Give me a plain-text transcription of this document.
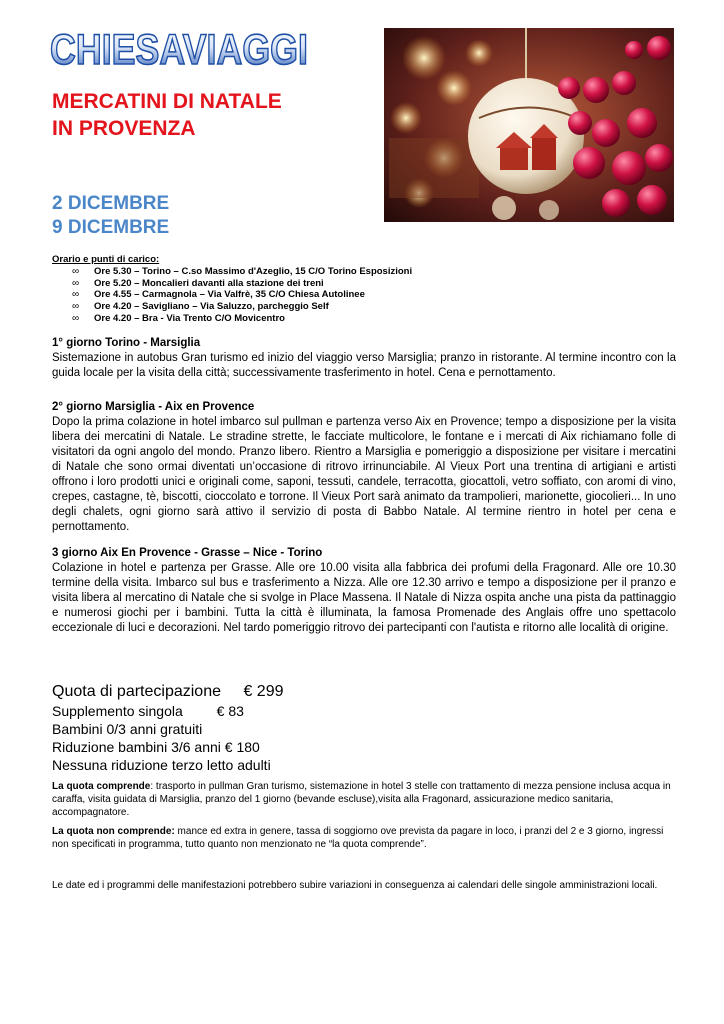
CHIESAVIAGGI
MERCATINI DI NATALE
IN PROVENZA
2 DICEMBRE
9 DICEMBRE
Orario e punti di carico:
∞ Ore 5.30 – Torino – C.so Massimo d'Azeglio, 15 C/O Torino Esposizioni
∞ Ore 5.20 – Moncalieri davanti alla stazione dei treni
∞ Ore 4.55 – Carmagnola – Via Valfrè, 35 C/O Chiesa Autolinee
∞ Ore 4.20 – Savigliano – Via Saluzzo, parcheggio Self
∞ Ore 4.20 – Bra - Via Trento C/O Movicentro
1° giorno Torino - Marsiglia

Sistemazione in autobus Gran turismo ed inizio del viaggio verso Marsiglia; pranzo in ristorante. Al termine incontro con la guida locale per la visita della città; successivamente trasferimento in hotel. Cena e pernottamento.

2° giorno Marsiglia - Aix en Provence

Dopo la prima colazione in hotel imbarco sul pullman e partenza verso Aix en Provence; tempo a disposizione per la visita libera dei mercatini di Natale. Le stradine strette, le facciate multicolore, le fontane e i mercati di Aix richiamano folle di visitatori da ogni angolo del mondo. Pranzo libero. Rientro a Marsiglia e pomeriggio a disposizione per visitare i mercatini di Natale che sono ormai diventati un’occasione di ritrovo irrinunciabile. Al Vieux Port una trentina di artigiani e artisti offrono i loro prodotti unici e originali come, saponi, tessuti, candele, terracotta, giocattoli, vetro soffiato, con aromi di vino, crepes, castagne, tè, biscotti, cioccolato e torrone. Il Vieux Port sarà animato da trampolieri, marionette, giocolieri... In uno degli chalets, ogni giorno sarà attivo il servizio di posta di Babbo Natale. Al termine rientro in hotel per cena e pernottamento.

3 giorno Aix En Provence - Grasse – Nice - Torino

Colazione in hotel e partenza per Grasse. Alle ore 10.00 visita alla fabbrica dei profumi della Fragonard. Alle ore 10.30 termine della visita. Imbarco sul bus e trasferimento a Nizza. Alle ore 12.30 arrivo e tempo a disposizione per il pranzo e visita libera al mercatino di Natale che si svolge in Place Massena. Il Natale di Nizza ospita anche una pista da pattinaggio e numerosi giochi per i bambini. Tutta la città è illuminata, la famosa Promenade des Anglais offre uno spettacolo eccezionale di luci e decorazioni. Nel tardo pomeriggio ritrovo dei partecipanti con l'autista e ritorno alle località di origine.

Quota di partecipazione € 299
Supplemento singola € 83
Bambini 0/3 anni gratuiti
Riduzione bambini 3/6 anni € 180
Nessuna riduzione terzo letto adulti
La quota comprende: trasporto in pullman Gran turismo, sistemazione in hotel 3 stelle con trattamento di mezza pensione inclusa acqua in caraffa, visita guidata di Marsiglia, pranzo del 1 giorno (bevande escluse),visita alla Fragonard, assicurazione medico sanitaria, accompagnatore.
La quota non comprende: mance ed extra in genere, tassa di soggiorno ove prevista da pagare in loco, i pranzi del 2 e 3 giorno, ingressi non specificati in programma, tutto quanto non menzionato ne “la quota comprende”.
Le date ed i programmi delle manifestazioni potrebbero subire variazioni in conseguenza ai calendari delle singole amministrazioni locali.
